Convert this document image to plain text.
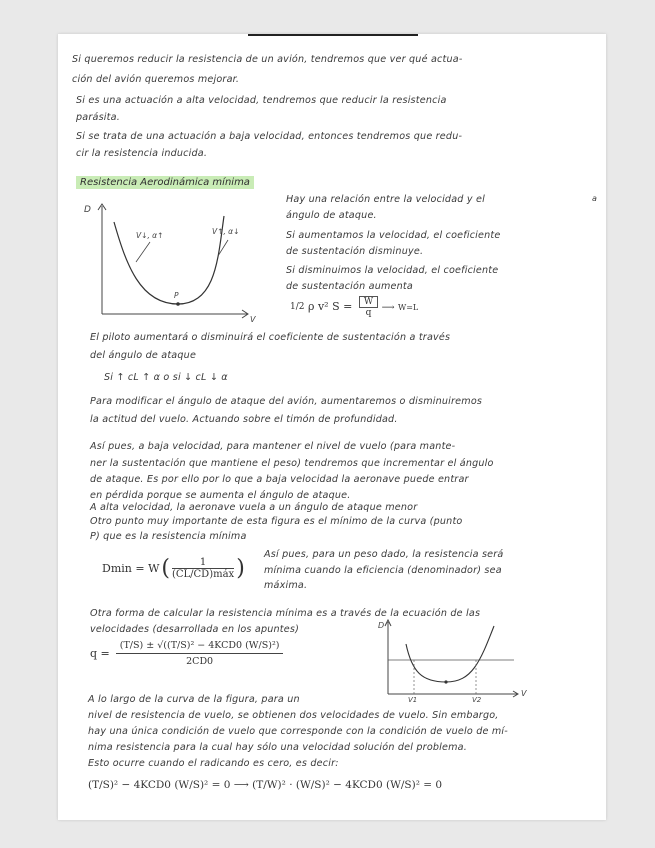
Si queremos reducir la resistencia de un avión, tendremos que ver qué actua-
ción del avión queremos mejorar.
Si es una actuación a alta velocidad, tendremos que reducir la resistencia
parásita.
Si se trata de una actuación a baja velocidad, entonces tendremos que redu-
cir la resistencia inducida.
Resistencia Aerodinámica mínima
D
V
V↓, α↑	V↑, α↓
P
Hay una relación entre la velocidad y el
ángulo de ataque.
Si aumentamos la velocidad, el coeficiente
de sustentación disminuye.
Si disminuimos la velocidad, el coeficiente
de sustentación aumenta
a
1/2 ρ v² $S = \frac{W}{q}$ ⟶ W=L
El piloto aumentará o disminuirá el coeficiente de sustentación a través
del ángulo de ataque
Si ↑ cL ↑ α o si ↓ cL ↓ α
Para modificar el ángulo de ataque del avión, aumentaremos o disminuiremos
la actitud del vuelo. Actuando sobre el timón de profundidad.
Así pues, a baja velocidad, para mantener el nivel de vuelo (para mante-
ner la sustentación que mantiene el peso) tendremos que incrementar el ángulo
de ataque. Es por ello por lo que a baja velocidad la aeronave puede entrar
en pérdida porque se aumenta el ángulo de ataque.
A alta velocidad, la aeronave vuela a un ángulo de ataque menor
Otro punto muy importante de esta figura es el mínimo de la curva (punto
P) que es la resistencia mínima
Dmin = W (	1
(CL/CD)máx )
Así pues, para un peso dado, la resistencia será
mínima cuando la eficiencia (denominador) sea
máxima.
Otra forma de calcular la resistencia mínima es a través de la ecuación de las
velocidades (desarrollada en los apuntes)
q =
(T/S) ± √((T/S)² − 4KCD0 (W/S)²)
2CD0
D
V
V1	V2
A lo largo de la curva de la figura, para un
nivel de resistencia de vuelo, se obtienen dos velocidades de vuelo. Sin embargo,
hay una única condición de vuelo que corresponde con la condición de vuelo de mí-
nima resistencia para la cual hay sólo una velocidad solución del problema.
Esto ocurre cuando el radicando es cero, es decir:
(T/S)² − 4KCD0 (W/S)² = 0 ⟶ (T/W)² · (W/S)² − 4KCD0 (W/S)² = 0
